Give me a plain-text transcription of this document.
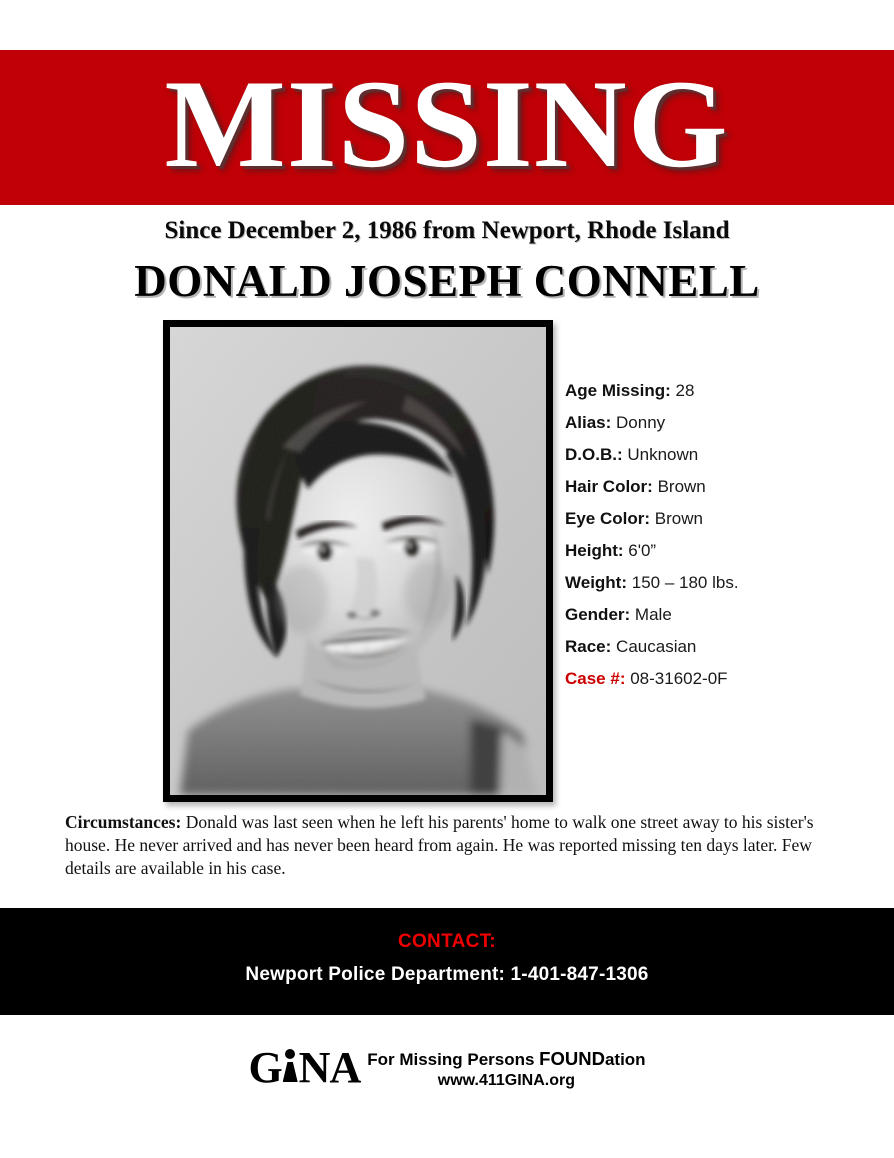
MISSING
Since December 2, 1986 from Newport, Rhode Island
DONALD JOSEPH CONNELL
Age Missing: 28
Alias: Donny
D.O.B.: Unknown
Hair Color: Brown
Eye Color: Brown
Height: 6'0”
Weight: 150 – 180 lbs.
Gender: Male
Race: Caucasian
Case #: 08-31602-0F
Circumstances: Donald was last seen when he left his parents' home to walk one street away to his sister's house. He never arrived and has never been heard from again. He was reported missing ten days later. Few details are available in his case.
CONTACT:
Newport Police Department: 1-401-847-1306
G NA For Missing Persons FOUNDation
www.411GINA.org
